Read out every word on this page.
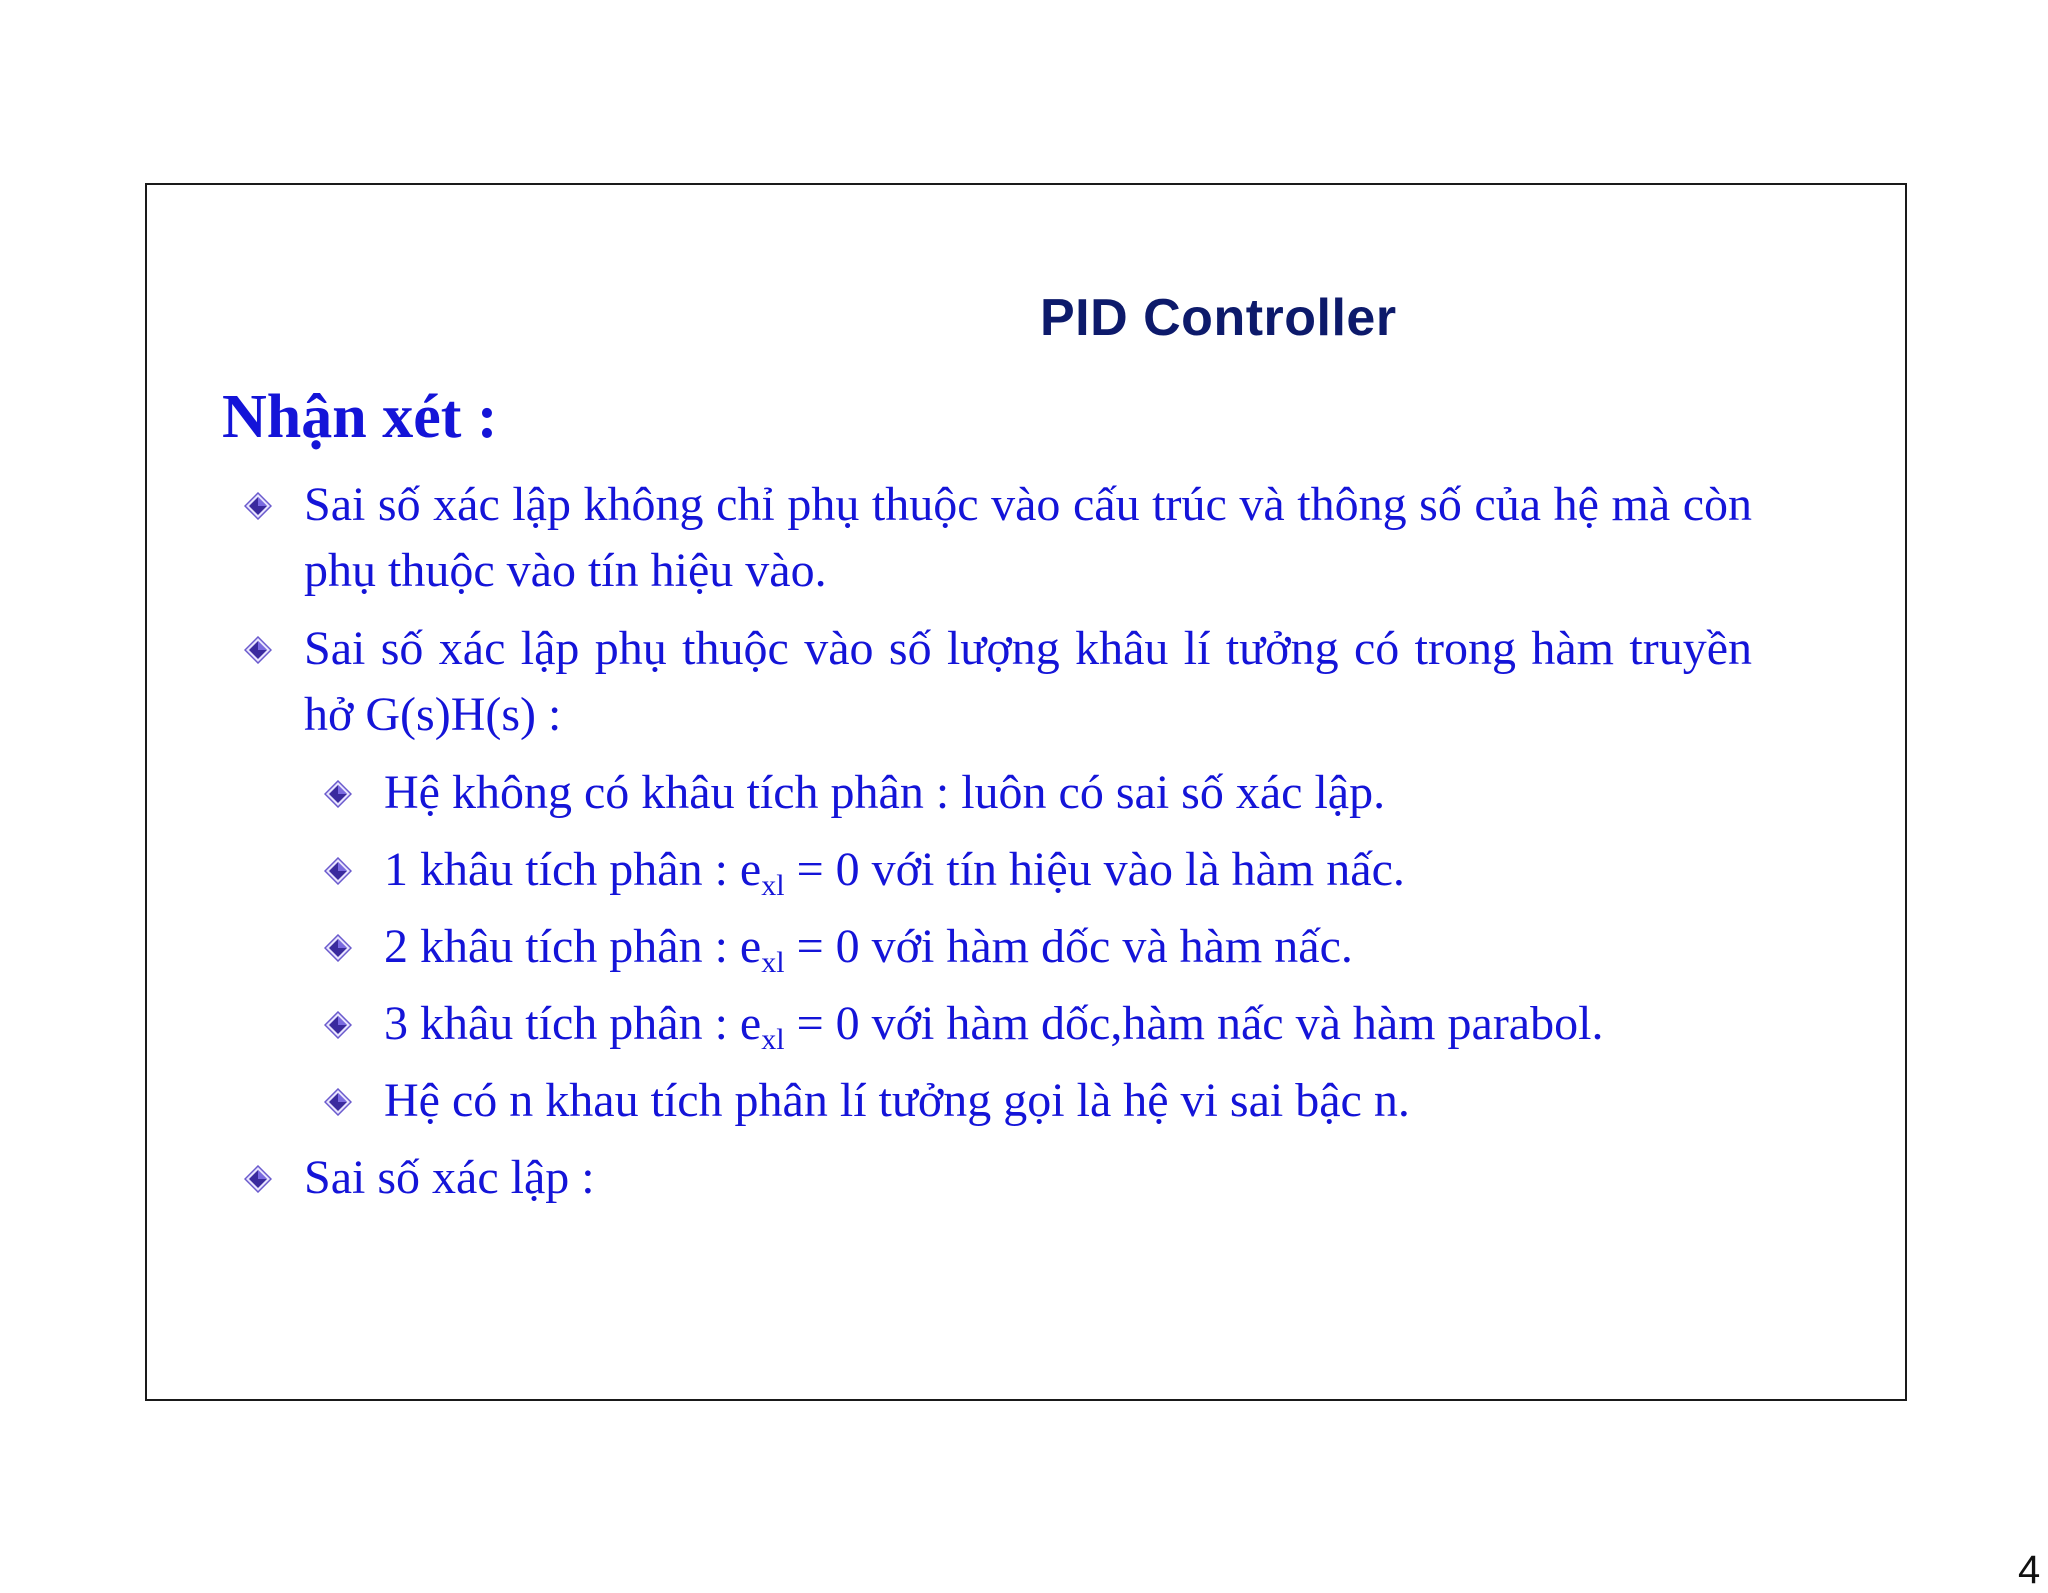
PID Controller
Nhận xét :
Sai số xác lập không chỉ phụ thuộc vào cấu trúc và thông số của hệ mà còn phụ thuộc vào tín hiệu vào.
Sai số xác lập phụ thuộc vào số lượng khâu lí tưởng có trong hàm truyền hở G(s)H(s) :
Hệ không có khâu tích phân : luôn có sai số xác lập.
1 khâu tích phân : $e_{xl} = 0$ với tín hiệu vào là hàm nấc.
2 khâu tích phân : $e_{xl} = 0$ với hàm dốc và hàm nấc.
3 khâu tích phân : $e_{xl} = 0$ với hàm dốc,hàm nấc và hàm parabol.
Hệ có n khau tích phân lí tưởng gọi là hệ vi sai bậc n.
Sai số xác lập :
4
